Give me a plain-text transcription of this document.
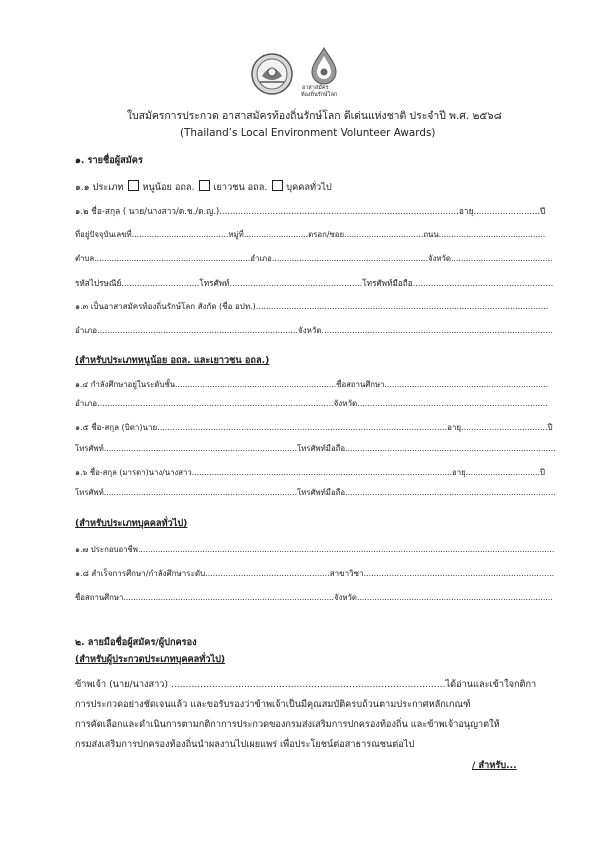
อาสาสมัคร
ท้องถิ่นรักษ์โลก
ใบสมัครการประกวด อาสาสมัครท้องถิ่นรักษ์โลก ดีเด่นแห่งชาติ ประจำปี พ.ศ. ๒๕๖๘
(Thailand’s Local Environment Volunteer Awards)
๑. รายชื่อผู้สมัคร
๑.๑ ประเภท หนูน้อย อถล. เยาวชน อถล. บุคคลทั่วไป
๑.๒ ชื่อ-สกุล ( นาย/นางสาว/ด.ช./ด.ญ.)..........................................................................................อายุ.........................ปี
ที่อยู่ปัจจุบันเลขที่.......................................หมู่ที่..........................ตรอก/ซอย................................ถนน...........................................
ตำบล...............................................................อำเภอ...............................................................จังหวัด.........................................
รหัสไปรษณีย์..............................โทรศัพท์...................................................โทรศัพท์มือถือ......................................................
๑.๓ เป็นอาสาสมัครท้องถิ่นรักษ์โลก สังกัด (ชื่อ อปท.)...................................................................................................................
อำเภอ...............................................................................จังหวัด...........................................................................................
(สำหรับประเภทหนูน้อย อถล. และเยาวชน อถล.)
๑.๔ กำลังศึกษาอยู่ในระดับชั้น.................................................................ชื่อสถานศึกษา..................................................................
อำเภอ.............................................................................................จังหวัด...........................................................................
๑.๕ ชื่อ-สกุล (บิดา)นาย..................................................................................................................อายุ..................................ปี
โทรศัพท์..............................................................................โทรศัพท์มือถือ.....................................................................................
๑.๖ ชื่อ-สกุล (มารดา)นาง/นางสาว.........................................................................................................อายุ..............................ปี
โทรศัพท์..............................................................................โทรศัพท์มือถือ.....................................................................................
(สำหรับประเภทบุคคลทั่วไป)
๑.๗ ประกอบอาชีพ........................................................................................................................................................................
๑.๘ สำเร็จการศึกษา/กำลังศึกษาระดับ.................................................สาขาวิชา...........................................................................
ชื่อสถานศึกษา.....................................................................................จังหวัด...............................................................................
๒. ลายมือชื่อผู้สมัคร/ผู้ปกครอง
(สำหรับผู้ประกวดประเภทบุคคลทั่วไป)
ข้าพเจ้า (นาย/นางสาว) ..............................................................................................ได้อ่านและเข้าใจกติกา
การประกวดอย่างชัดเจนแล้ว และขอรับรองว่าข้าพเจ้าเป็นมีคุณสมบัติครบถ้วนตามประกาศหลักเกณฑ์
การคัดเลือกและดำเนินการตามกติกาการประกวดของกรมส่งเสริมการปกครองท้องถิ่น และข้าพเจ้าอนุญาตให้
กรมส่งเสริมการปกครองท้องถิ่นนำผลงานไปเผยแพร่ เพื่อประโยชน์ต่อสาธารณชนต่อไป
/ สำหรับ...
